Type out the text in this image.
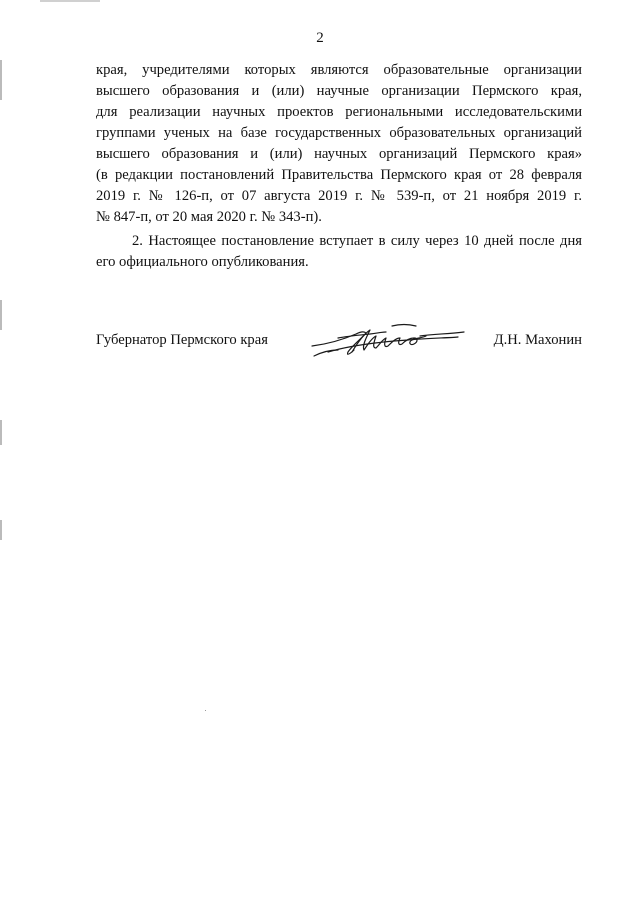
2
края, учредителями которых являются образовательные организации
высшего образования и (или) научные организации Пермского края,
для реализации научных проектов региональными исследовательскими
группами ученых на базе государственных образовательных организаций
высшего образования и (или) научных организаций Пермского края»
(в редакции постановлений Правительства Пермского края от 28 февраля
2019 г. № 126-п, от 07 августа 2019 г. № 539-п, от 21 ноября 2019 г.
№ 847-п, от 20 мая 2020 г. № 343-п).
2. Настоящее постановление вступает в силу через 10 дней после дня
его официального опубликования.
Губернатор Пермского края	Д.Н. Махонин
